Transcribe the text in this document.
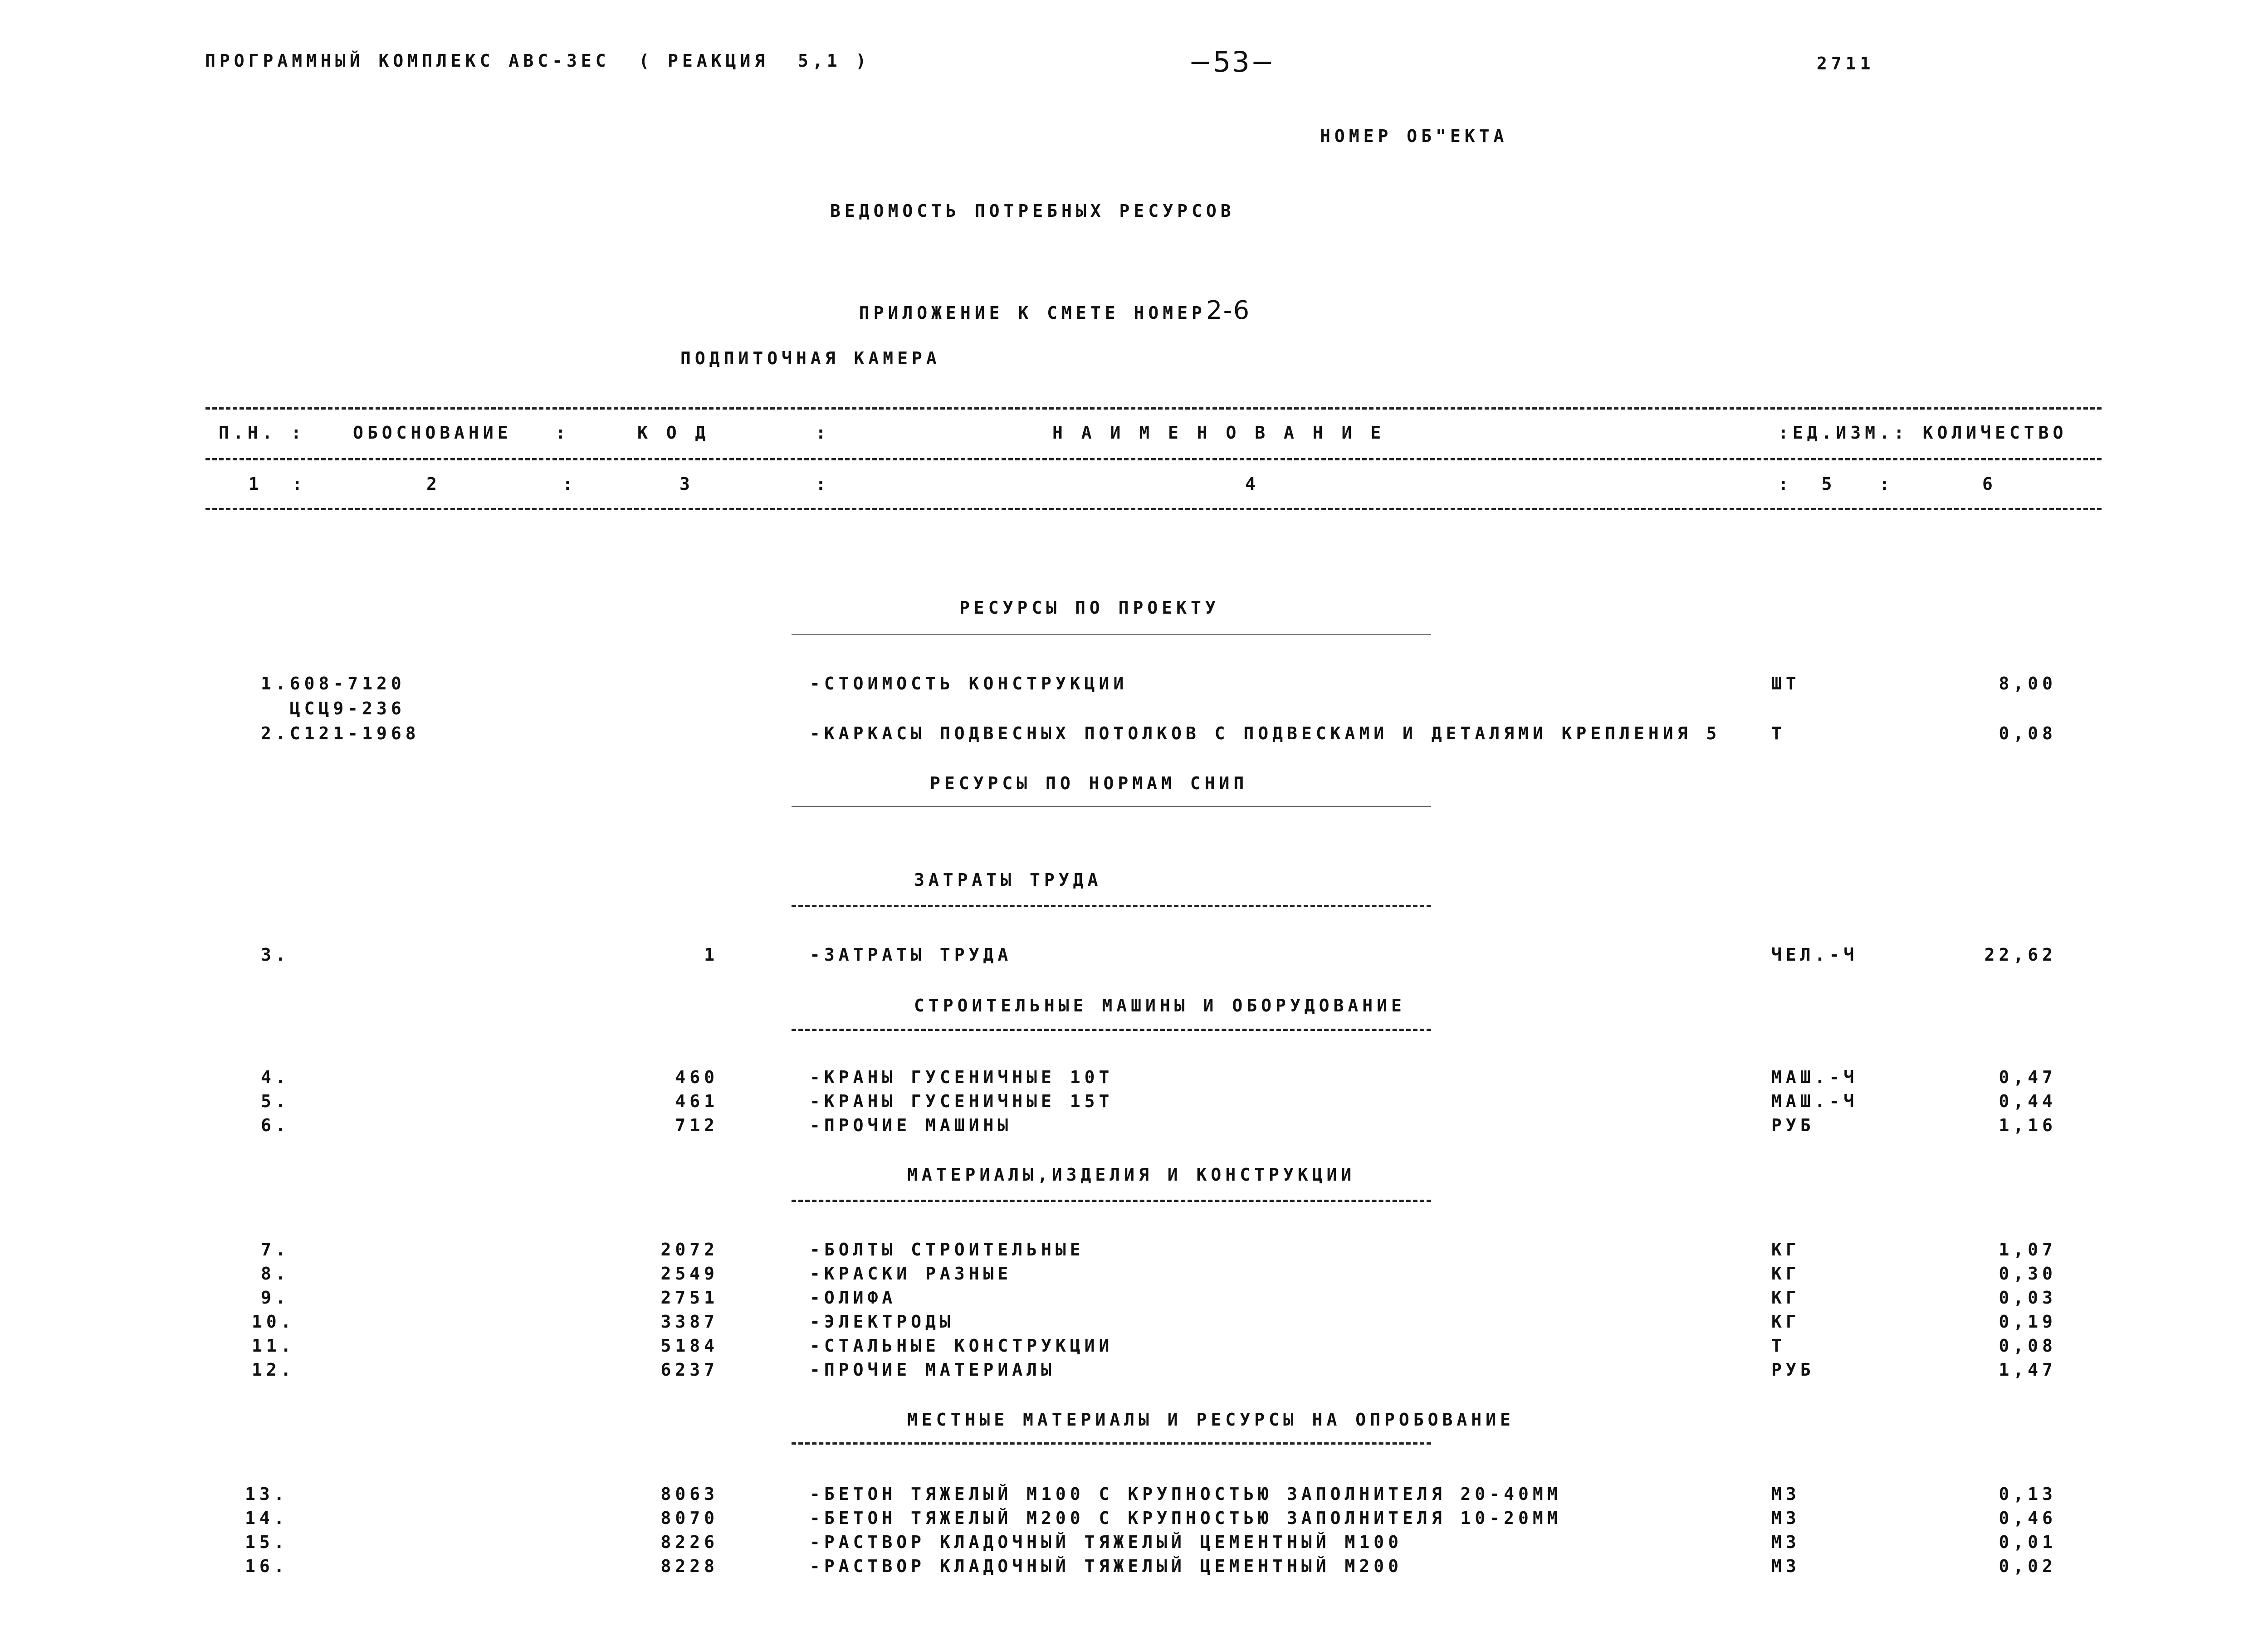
ПРОГРАММНЫЙ КОМПЛЕКС АВС-3ЕС  ( РЕАКЦИЯ  5,1 )	−53−	2711
НОМЕР ОБ"ЕКТА
ВЕДОМОСТЬ ПОТРЕБНЫХ РЕСУРСОВ

ПРИЛОЖЕНИЕ К СМЕТЕ НОМЕР2-6

ПОДПИТОЧНАЯ КАМЕРА
П.Н. :	ОБОСНОВАНИЕ   :	К О Д	:	Н А И М Е Н О В А Н И Е	:ЕД.ИЗМ.: КОЛИЧЕСТВО
1  :	2	:	3	:	4	:  5   :	6
РЕСУРСЫ ПО ПРОЕКТУ
1.608-7120	-СТОИМОСТЬ КОНСТРУКЦИИ	ШТ	8,00
ЦСЦ9-236
2.С121-1968	-КАРКАСЫ ПОДВЕСНЫХ ПОТОЛКОВ С ПОДВЕСКАМИ И ДЕТАЛЯМИ КРЕПЛЕНИЯ 5	Т	0,08
РЕСУРСЫ ПО НОРМАМ СНИП
ЗАТРАТЫ ТРУДА
3.	1	-ЗАТРАТЫ ТРУДА	ЧЕЛ.-Ч	22,62
СТРОИТЕЛЬНЫЕ МАШИНЫ И ОБОРУДОВАНИЕ
4.	460	-КРАНЫ ГУСЕНИЧНЫЕ 10Т	МАШ.-Ч	0,47
5.	461	-КРАНЫ ГУСЕНИЧНЫЕ 15Т	МАШ.-Ч	0,44
6.	712	-ПРОЧИЕ МАШИНЫ	РУБ	1,16
МАТЕРИАЛЫ,ИЗДЕЛИЯ И КОНСТРУКЦИИ
7.	2072	-БОЛТЫ СТРОИТЕЛЬНЫЕ	КГ	1,07
8.	2549	-КРАСКИ РАЗНЫЕ	КГ	0,30
9.	2751	-ОЛИФА	КГ	0,03
10.	3387	-ЭЛЕКТРОДЫ	КГ	0,19
11.	5184	-СТАЛЬНЫЕ КОНСТРУКЦИИ	Т	0,08
12.	6237	-ПРОЧИЕ МАТЕРИАЛЫ	РУБ	1,47
МЕСТНЫЕ МАТЕРИАЛЫ И РЕСУРСЫ НА ОПРОБОВАНИЕ
13.	8063	-БЕТОН ТЯЖЕЛЫЙ М100 С КРУПНОСТЬЮ ЗАПОЛНИТЕЛЯ 20-40ММ	М3	0,13
14.	8070	-БЕТОН ТЯЖЕЛЫЙ М200 С КРУПНОСТЬЮ ЗАПОЛНИТЕЛЯ 10-20ММ	М3	0,46
15.	8226	-РАСТВОР КЛАДОЧНЫЙ ТЯЖЕЛЫЙ ЦЕМЕНТНЫЙ М100	М3	0,01
16.	8228	-РАСТВОР КЛАДОЧНЫЙ ТЯЖЕЛЫЙ ЦЕМЕНТНЫЙ М200	М3	0,02
